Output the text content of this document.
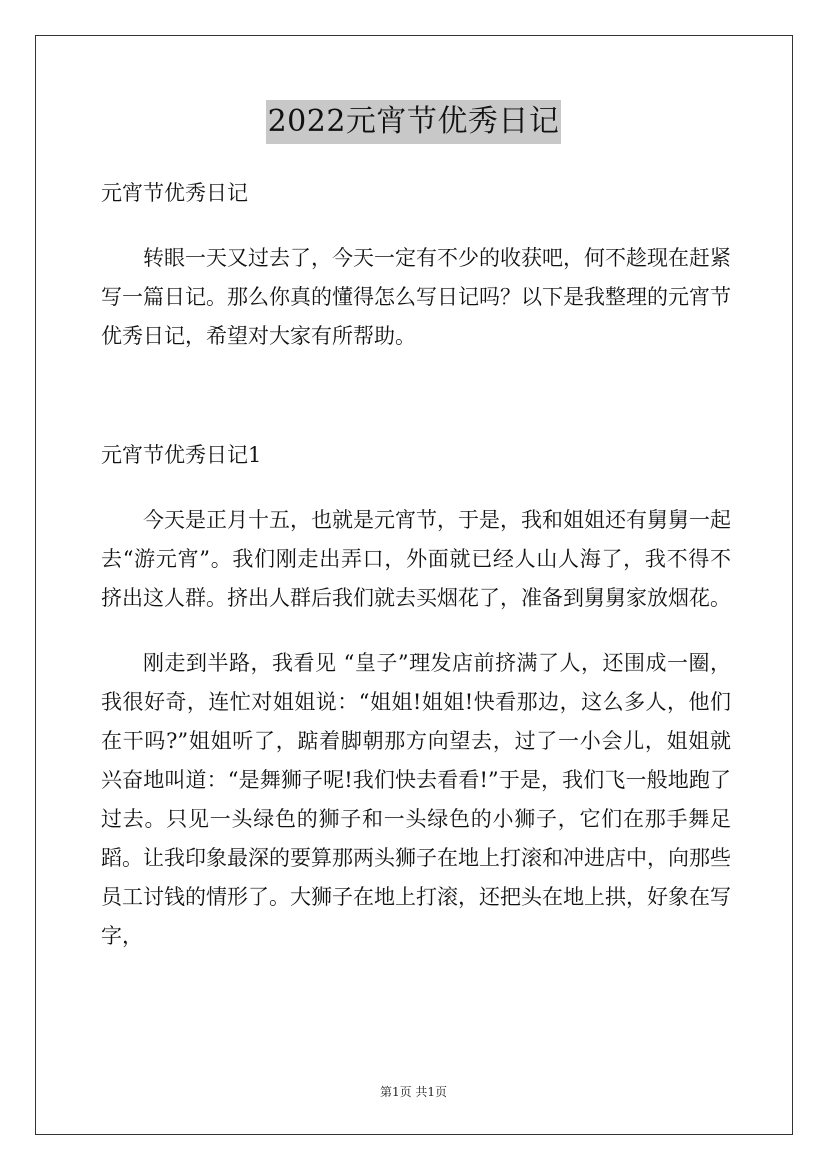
2022元宵节优秀日记

元宵节优秀日记

转眼一天又过去了，今天一定有不少的收获吧，何不趁现在赶紧写一篇日记。那么你真的懂得怎么写日记吗？以下是我整理的元宵节优秀日记，希望对大家有所帮助。

元宵节优秀日记1

今天是正月十五，也就是元宵节，于是，我和姐姐还有舅舅一起去“游元宵”。我们刚走出弄口，外面就已经人山人海了，我不得不挤出这人群。挤出人群后我们就去买烟花了，准备到舅舅家放烟花。

刚走到半路，我看见 “皇子”理发店前挤满了人，还围成一圈，我很好奇，连忙对姐姐说：“姐姐!姐姐!快看那边，这么多人，他们在干吗?”姐姐听了，踮着脚朝那方向望去，过了一小会儿，姐姐就兴奋地叫道：“是舞狮子呢!我们快去看看!”于是，我们飞一般地跑了过去。只见一头绿色的狮子和一头绿色的小狮子，它们在那手舞足蹈。让我印象最深的要算那两头狮子在地上打滚和冲进店中，向那些员工讨钱的情形了。大狮子在地上打滚，还把头在地上拱，好象在写字，

第1页 共1页
